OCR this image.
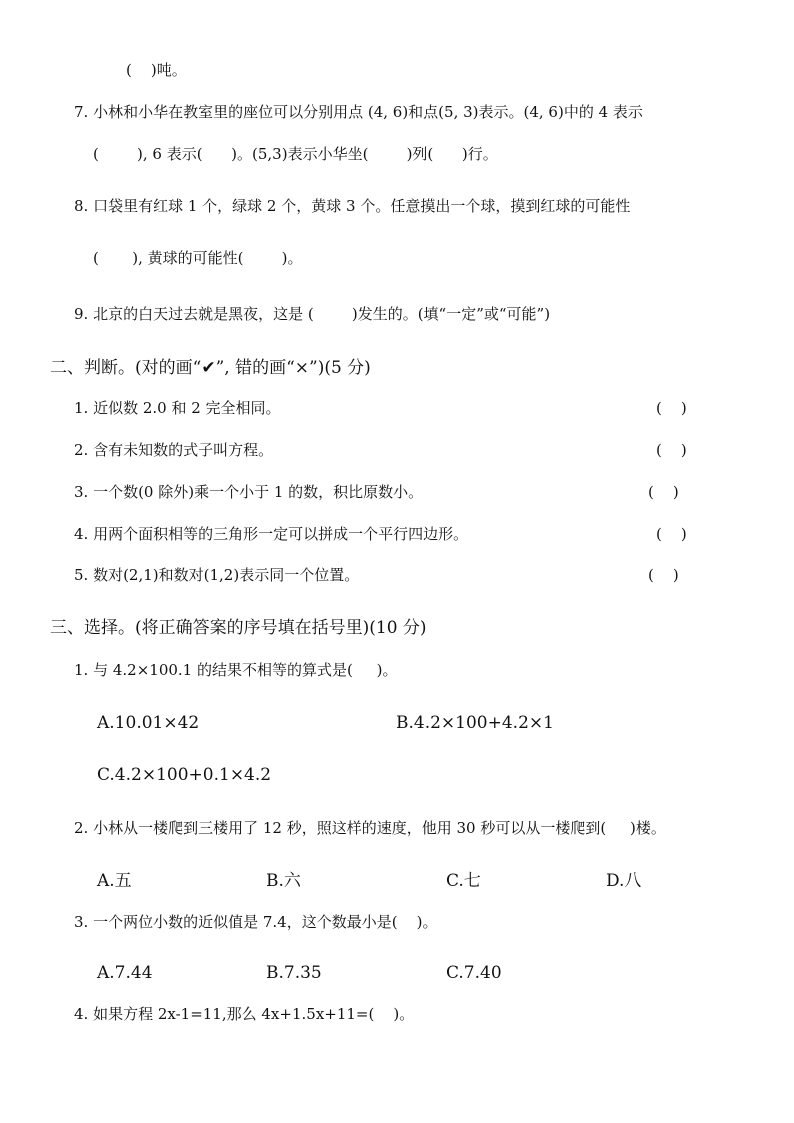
(    )吨。
7. 小林和小华在教室里的座位可以分别用点 (4, 6)和点(5, 3)表示。(4, 6)中的 4 表示
(        ), 6 表示(      )。(5,3)表示小华坐(        )列(      )行。
8. 口袋里有红球 1 个，绿球 2 个，黄球 3 个。任意摸出一个球，摸到红球的可能性
(       ), 黄球的可能性(        )。
9. 北京的白天过去就是黑夜，这是 (        )发生的。(填“一定”或“可能”)
二、判断。(对的画“✔”, 错的画“×”)(5 分)
1. 近似数 2.0 和 2 完全相同。	(    )
2. 含有未知数的式子叫方程。	(    )
3. 一个数(0 除外)乘一个小于 1 的数，积比原数小。	(    )
4. 用两个面积相等的三角形一定可以拼成一个平行四边形。	(    )
5. 数对(2,1)和数对(1,2)表示同一个位置。	(    )
三、选择。(将正确答案的序号填在括号里)(10 分)
1. 与 4.2×100.1 的结果不相等的算式是(     )。
A.10.01×42	B.4.2×100+4.2×1
C.4.2×100+0.1×4.2
2. 小林从一楼爬到三楼用了 12 秒，照这样的速度，他用 30 秒可以从一楼爬到(     )楼。
A.五	B.六	C.七	D.八
3. 一个两位小数的近似值是 7.4，这个数最小是(    )。
A.7.44	B.7.35	C.7.40
4. 如果方程 2x-1=11,那么 4x+1.5x+11=(    )。
